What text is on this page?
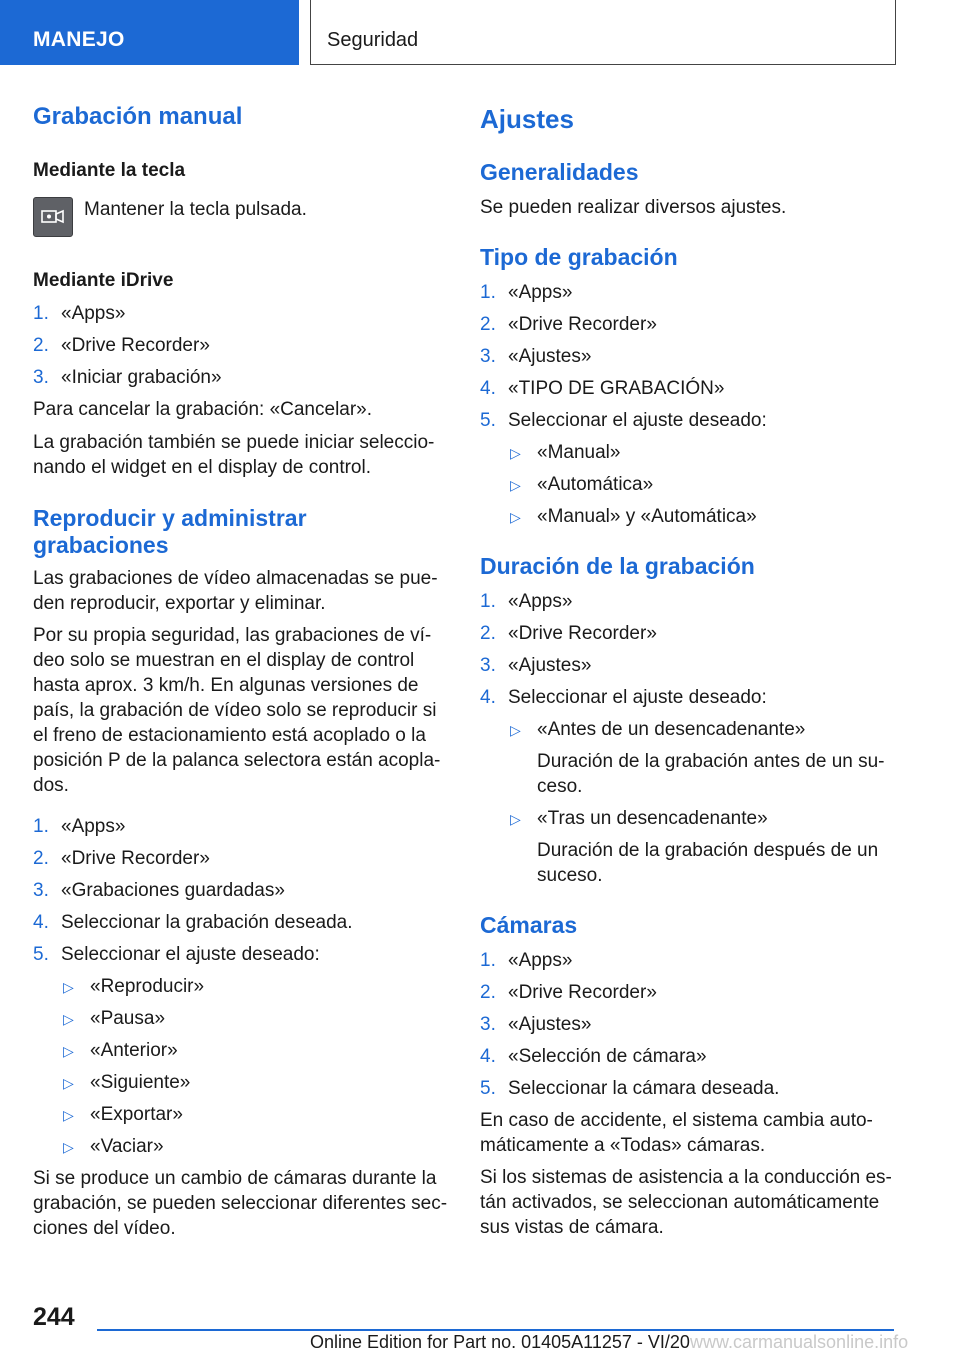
MANEJO	Seguridad
Grabación manual
Mediante la tecla
Mantener la tecla pulsada.
Mediante iDrive
1. «Apps»
2. «Drive Recorder»
3. «Iniciar grabación»
Para cancelar la grabación: «Cancelar».
La grabación también se puede iniciar seleccio‐
nando el widget en el display de control.
Reproducir y administrar
grabaciones
Las grabaciones de vídeo almacenadas se pue‐
den reproducir, exportar y eliminar.
Por su propia seguridad, las grabaciones de ví‐
deo solo se muestran en el display de control
hasta aprox. 3 km/h. En algunas versiones de
país, la grabación de vídeo solo se reproducir si
el freno de estacionamiento está acoplado o la
posición P de la palanca selectora están acopla‐
dos.
1. «Apps»
2. «Drive Recorder»
3. «Grabaciones guardadas»
4. Seleccionar la grabación deseada.
5. Seleccionar el ajuste deseado:
▷ «Reproducir»
▷ «Pausa»
▷ «Anterior»
▷ «Siguiente»
▷ «Exportar»
▷ «Vaciar»
Si se produce un cambio de cámaras durante la
grabación, se pueden seleccionar diferentes sec‐
ciones del vídeo.
Ajustes
Generalidades
Se pueden realizar diversos ajustes.
Tipo de grabación
1. «Apps»
2. «Drive Recorder»
3. «Ajustes»
4. «TIPO DE GRABACIÓN»
5. Seleccionar el ajuste deseado:
▷ «Manual»
▷ «Automática»
▷ «Manual» y «Automática»
Duración de la grabación
1. «Apps»
2. «Drive Recorder»
3. «Ajustes»
4. Seleccionar el ajuste deseado:
▷ «Antes de un desencadenante»
Duración de la grabación antes de un su‐
ceso.
▷ «Tras un desencadenante»
Duración de la grabación después de un
suceso.
Cámaras
1. «Apps»
2. «Drive Recorder»
3. «Ajustes»
4. «Selección de cámara»
5. Seleccionar la cámara deseada.
En caso de accidente, el sistema cambia auto‐
máticamente a «Todas» cámaras.
Si los sistemas de asistencia a la conducción es‐
tán activados, se seleccionan automáticamente
sus vistas de cámara.
244
Online Edition for Part no. 01405A11257 - VI/20 www.carmanualsonline.info
